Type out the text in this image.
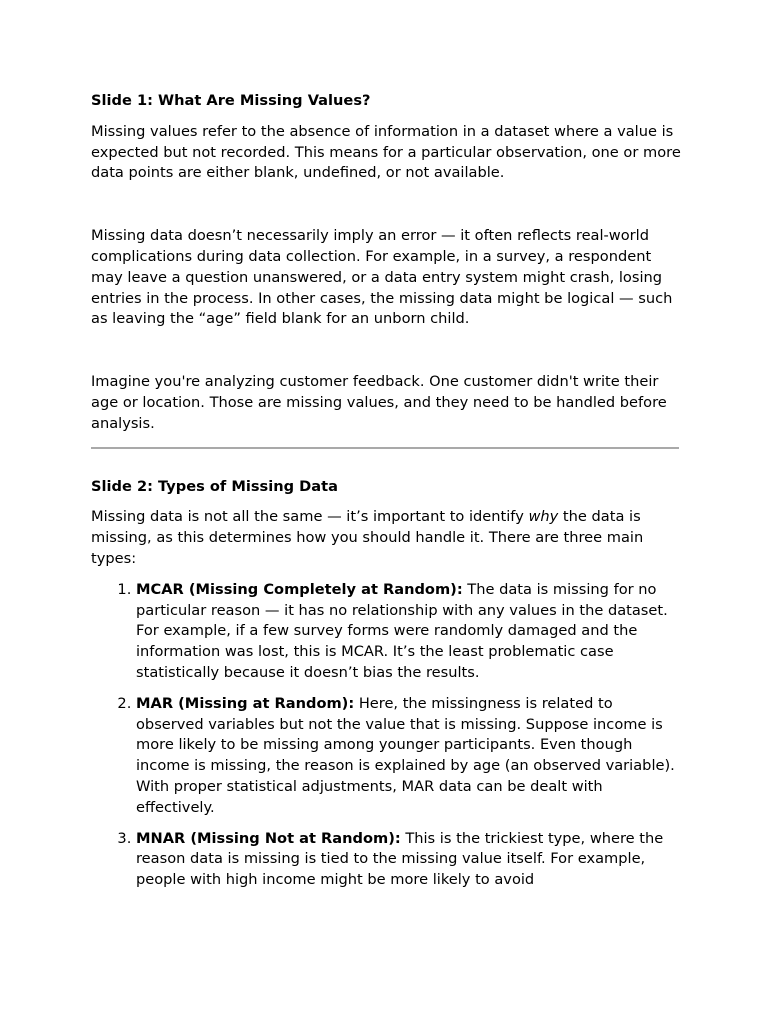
Slide 1: What Are Missing Values?

Missing values refer to the absence of information in a dataset where a value is expected but not recorded. This means for a particular observation, one or more data points are either blank, undefined, or not available.

Missing data doesn’t necessarily imply an error — it often reflects real-world complications during data collection. For example, in a survey, a respondent may leave a question unanswered, or a data entry system might crash, losing entries in the process. In other cases, the missing data might be logical — such as leaving the “age” field blank for an unborn child.

Imagine you're analyzing customer feedback. One customer didn't write their age or location. Those are missing values, and they need to be handled before analysis.

Slide 2: Types of Missing Data

Missing data is not all the same — it’s important to identify why the data is missing, as this determines how you should handle it. There are three main types:

1. MCAR (Missing Completely at Random): The data is missing for no particular reason — it has no relationship with any values in the dataset. For example, if a few survey forms were randomly damaged and the information was lost, this is MCAR. It’s the least problematic case statistically because it doesn’t bias the results.
2. MAR (Missing at Random): Here, the missingness is related to observed variables but not the value that is missing. Suppose income is more likely to be missing among younger participants. Even though income is missing, the reason is explained by age (an observed variable). With proper statistical adjustments, MAR data can be dealt with effectively.
3. MNAR (Missing Not at Random): This is the trickiest type, where the reason data is missing is tied to the missing value itself. For example, people with high income might be more likely to avoid
